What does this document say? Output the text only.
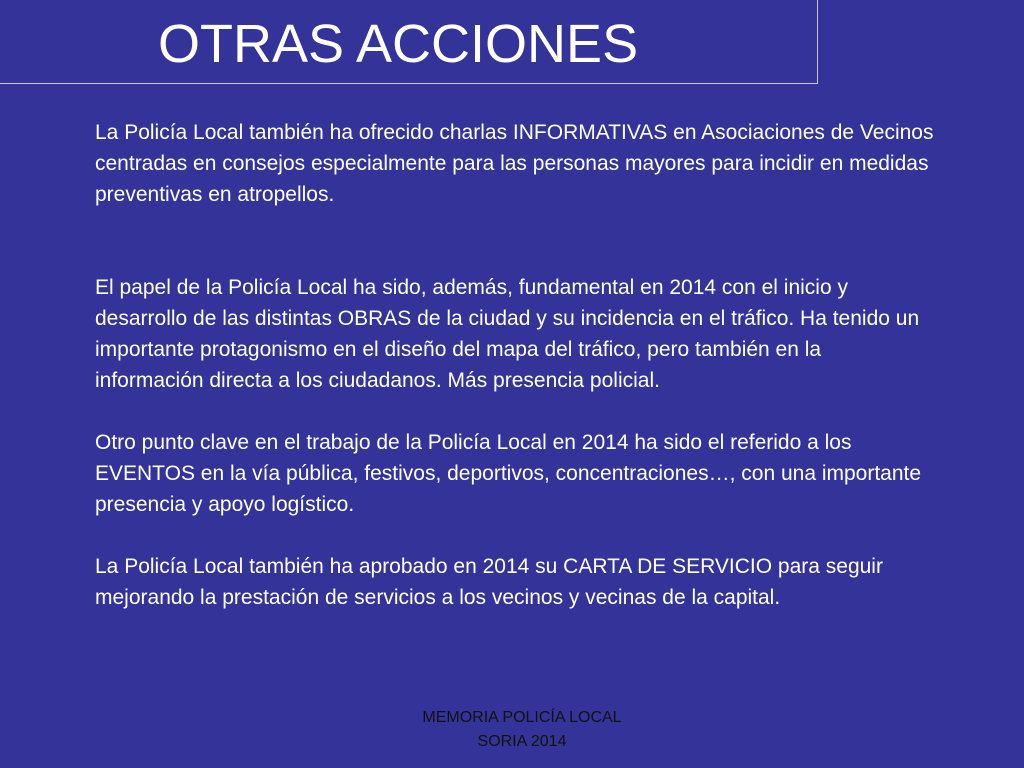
OTRAS ACCIONES

La Policía Local también ha ofrecido charlas INFORMATIVAS en Asociaciones de Vecinos centradas en consejos especialmente para las personas mayores para incidir en medidas preventivas en atropellos.

El papel de la Policía Local ha sido, además, fundamental en 2014 con el inicio y desarrollo de las distintas OBRAS de la ciudad y su incidencia en el tráfico. Ha tenido un importante protagonismo en el diseño del mapa del tráfico, pero también en la información directa a los ciudadanos. Más presencia policial.

Otro punto clave en el trabajo de la Policía Local en 2014 ha sido el referido a los EVENTOS en la vía pública, festivos, deportivos, concentraciones…, con una importante presencia y apoyo logístico.

La Policía Local también ha aprobado en 2014 su CARTA DE SERVICIO para seguir mejorando la prestación de servicios a los vecinos y vecinas de la capital.

MEMORIA POLICÍA LOCAL
SORIA 2014
